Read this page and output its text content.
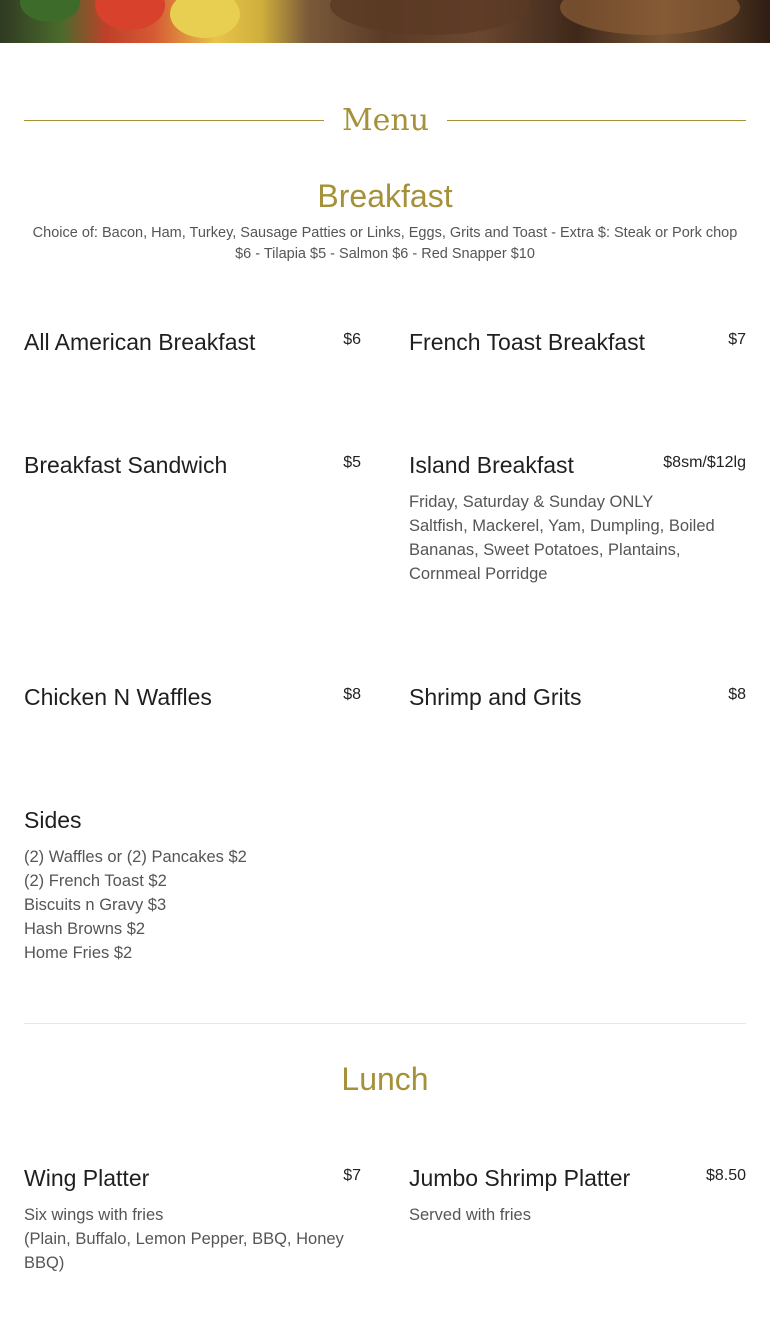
Menu
Breakfast
Choice of: Bacon, Ham, Turkey, Sausage Patties or Links, Eggs, Grits and Toast - Extra $: Steak or Pork chop $6 - Tilapia $5 - Salmon $6 - Red Snapper $10
All American Breakfast	$6 French Toast Breakfast	$7
Breakfast Sandwich	$5 Island Breakfast	$8sm/$12lg
Friday, Saturday & Sunday ONLY
Saltfish, Mackerel, Yam, Dumpling, Boiled Bananas, Sweet Potatoes, Plantains, Cornmeal Porridge
Chicken N Waffles	$8 Shrimp and Grits	$8
Sides
(2) Waffles or (2) Pancakes $2
(2) French Toast $2
Biscuits n Gravy $3
Hash Browns $2
Home Fries $2
Lunch
Wing Platter	$7
Six wings with fries
(Plain, Buffalo, Lemon Pepper, BBQ, Honey BBQ)
Jumbo Shrimp Platter	$8.50
Served with fries
